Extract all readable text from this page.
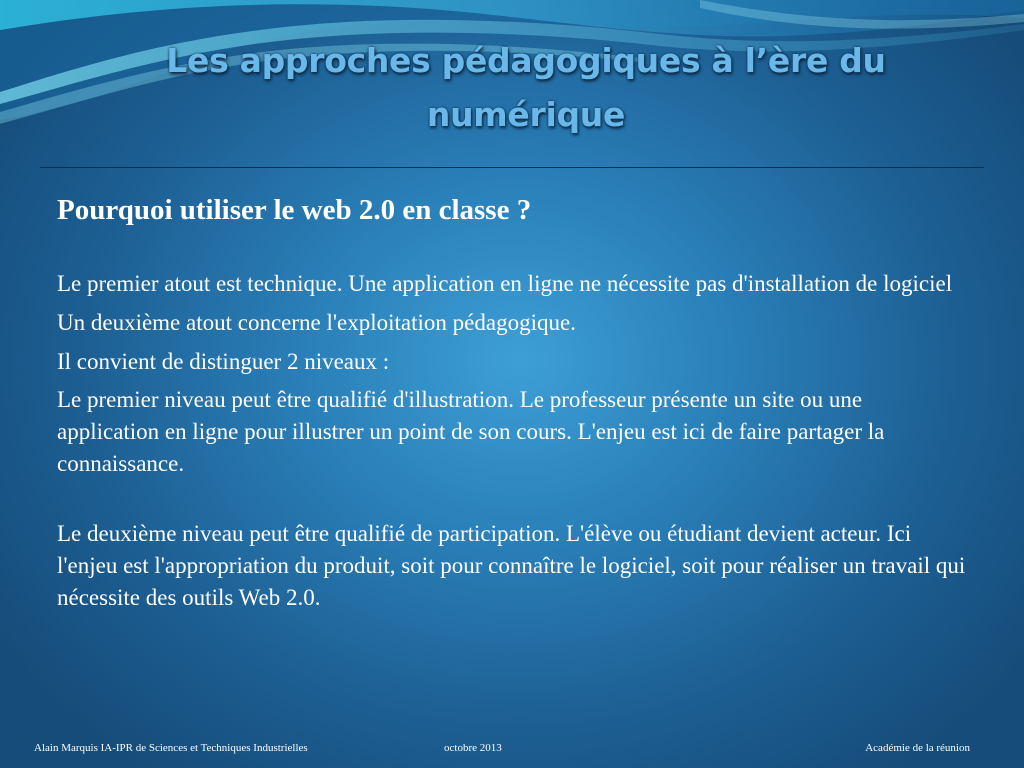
Les approches pédagogiques à l’ère du numérique

Pourquoi utiliser le web 2.0 en classe ?

Le premier atout est technique. Une application en ligne ne nécessite pas d'installation de logiciel

Un deuxième atout concerne l'exploitation pédagogique.

Il convient de distinguer 2 niveaux :

Le premier niveau peut être qualifié d'illustration. Le professeur présente un site ou une application en ligne pour illustrer un point de son cours. L'enjeu est ici de faire partager la connaissance.

Le deuxième niveau peut être qualifié de participation. L'élève ou étudiant devient acteur. Ici l'enjeu est l'appropriation du produit, soit pour connaître le logiciel, soit pour réaliser un travail qui nécessite des outils Web 2.0.

Alain Marquis IA-IPR de Sciences et Techniques Industrielles	octobre 2013	Académie de la réunion
